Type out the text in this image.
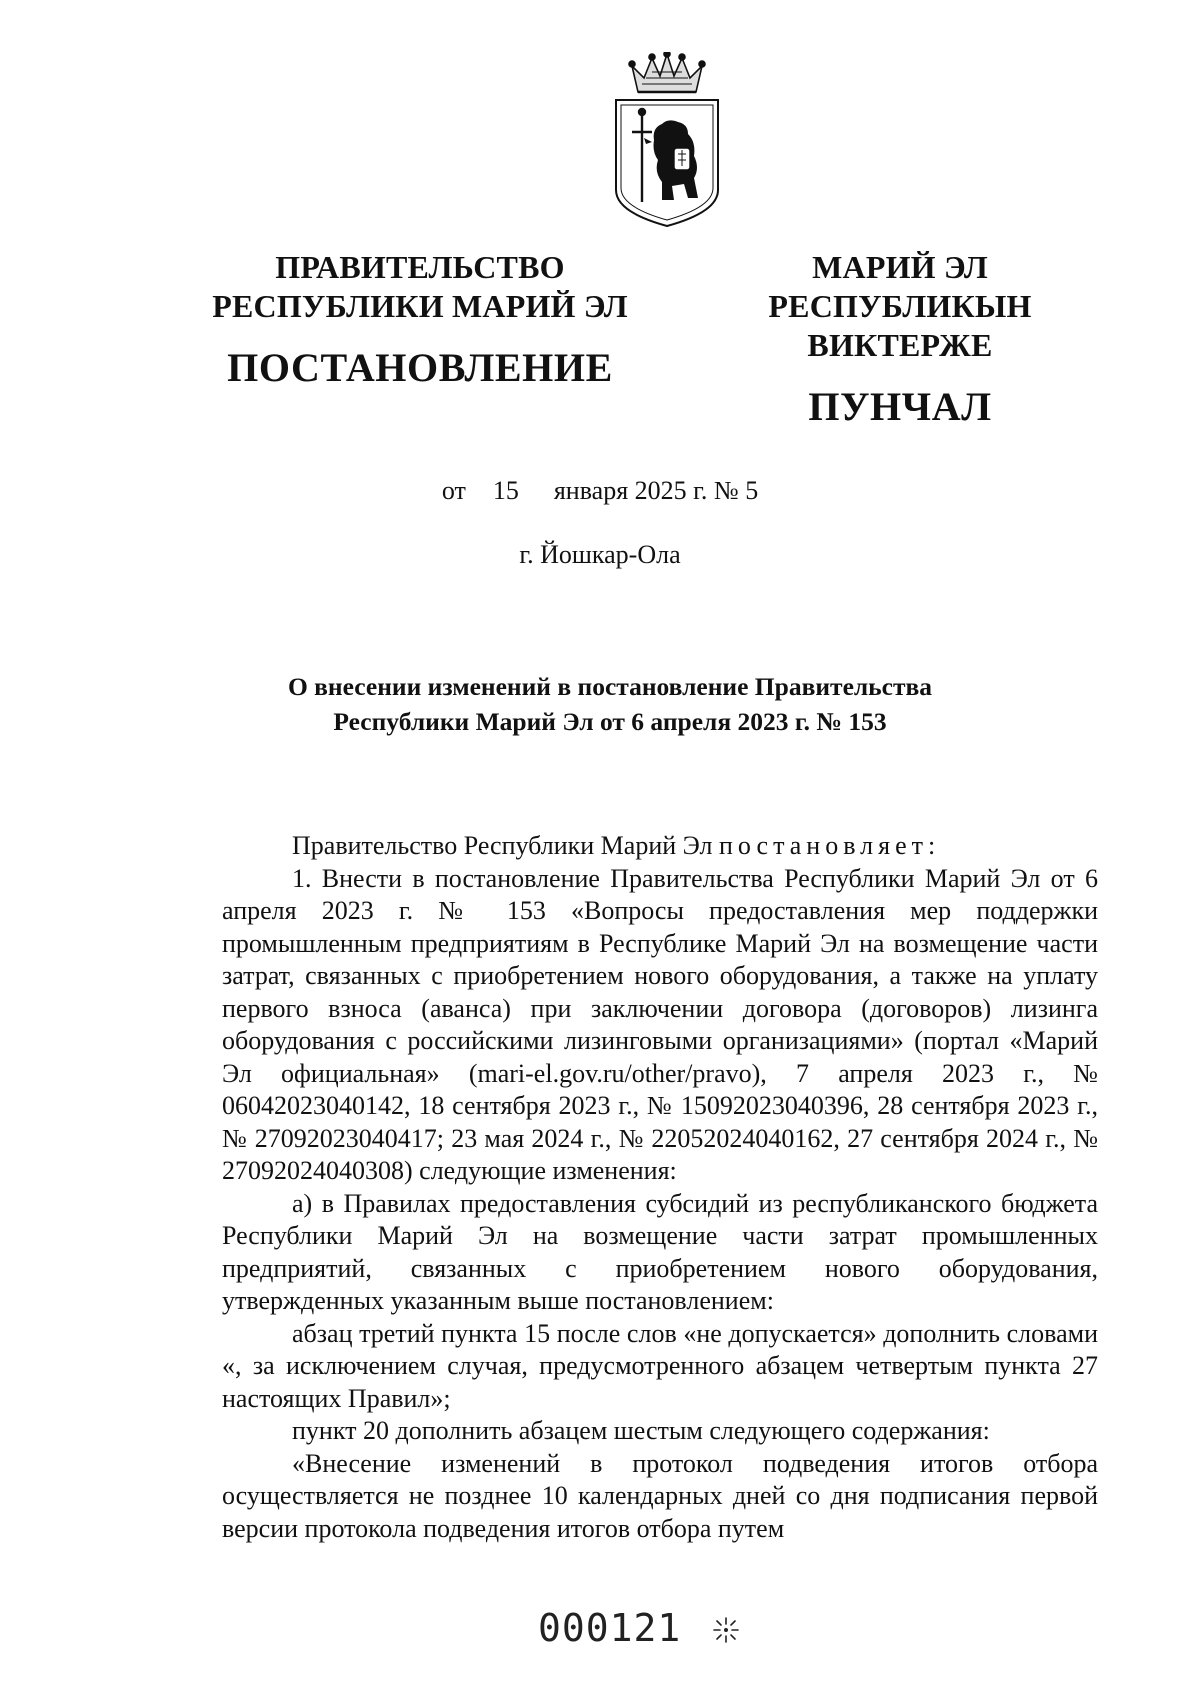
ПРАВИТЕЛЬСТВО
РЕСПУБЛИКИ МАРИЙ ЭЛ
ПОСТАНОВЛЕНИЕ
МАРИЙ ЭЛ РЕСПУБЛИКЫН
ВИКТЕРЖЕ
ПУНЧАЛ
от 15 января 2025 г. № 5
г. Йошкар-Ола
О внесении изменений в постановление Правительства
Республики Марий Эл от 6 апреля 2023 г. № 153

Правительство Республики Марий Эл постановляет:

1. Внести в постановление Правительства Республики Марий Эл от 6 апреля 2023 г. № 153 «Вопросы предоставления мер поддержки промышленным предприятиям в Республике Марий Эл на возмещение части затрат, связанных с приобретением нового оборудования, а также на уплату первого взноса (аванса) при заключении договора (договоров) лизинга оборудования с российскими лизинговыми организациями» (портал «Марий Эл официальная» (mari-el.gov.ru/other/pravo), 7 апреля 2023 г., № 06042023040142, 18 сентября 2023 г., № 15092023040396, 28 сентября 2023 г., № 27092023040417; 23 мая 2024 г., № 22052024040162, 27 сентября 2024 г., № 27092024040308) следующие изменения:

а) в Правилах предоставления субсидий из республиканского бюджета Республики Марий Эл на возмещение части затрат промышленных предприятий, связанных с приобретением нового оборудования, утвержденных указанным выше постановлением:

абзац третий пункта 15 после слов «не допускается» дополнить словами «, за исключением случая, предусмотренного абзацем четвертым пункта 27 настоящих Правил»;

пункт 20 дополнить абзацем шестым следующего содержания:

«Внесение изменений в протокол подведения итогов отбора осуществляется не позднее 10 календарных дней со дня подписания первой версии протокола подведения итогов отбора путем

000121
